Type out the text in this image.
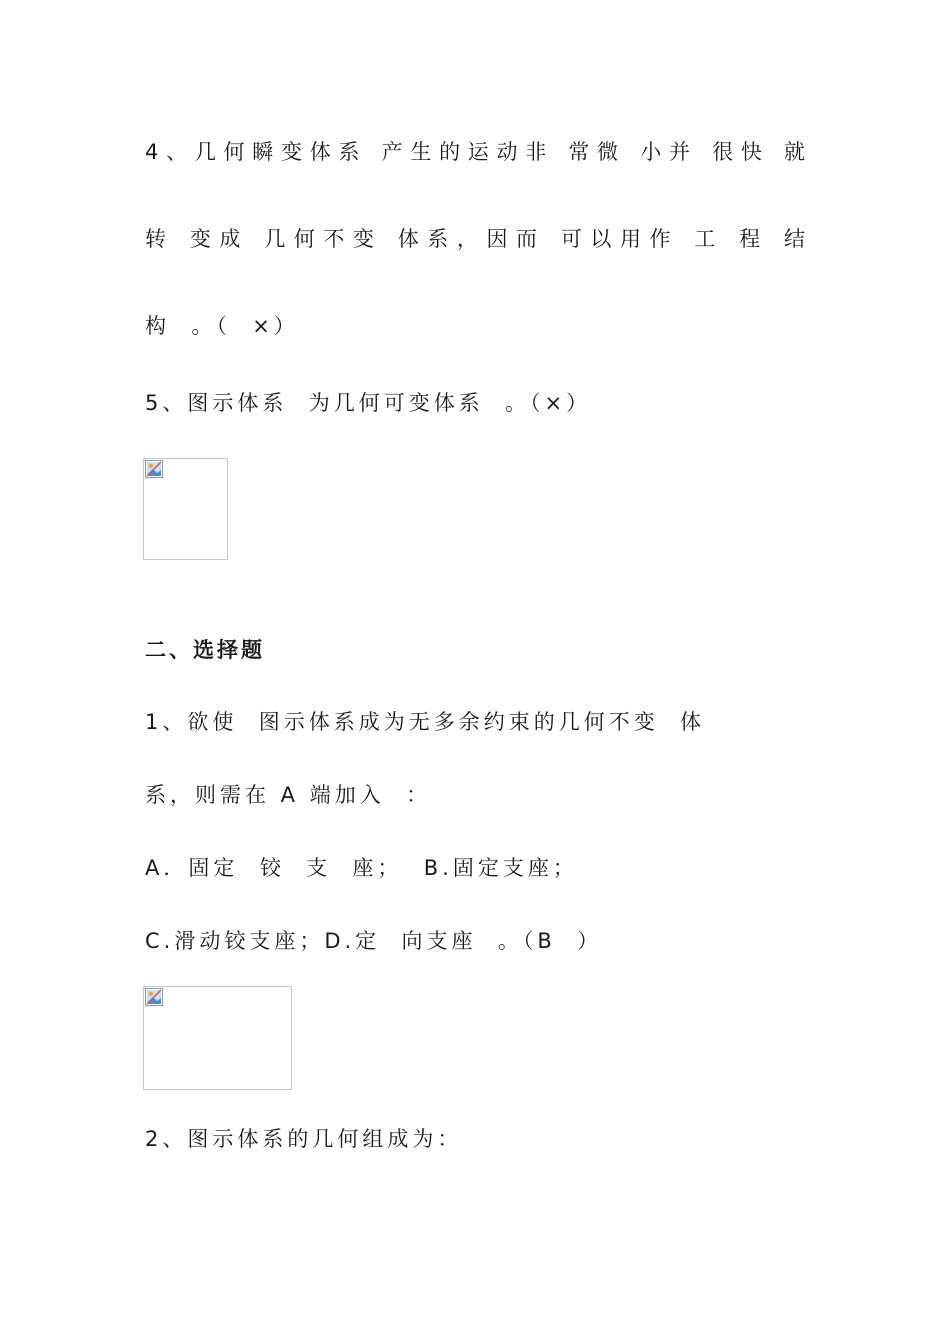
4、几何瞬变体系 产生的运动非 常微 小并 很快 就
转 变成 几何不变 体系，因而 可以用作 工 程 结
构  。（  ×）
5、图示体系  为几何可变体系  。（×）
二、选择题
1、欲使  图示体系成为无多余约束的几何不变  体
系，则需在 A 端加入  ：
A．固定  铰  支  座；  B.固定支座；
C.滑动铰支座；D.定  向支座  。（B  ）
2、图示体系的几何组成为：
